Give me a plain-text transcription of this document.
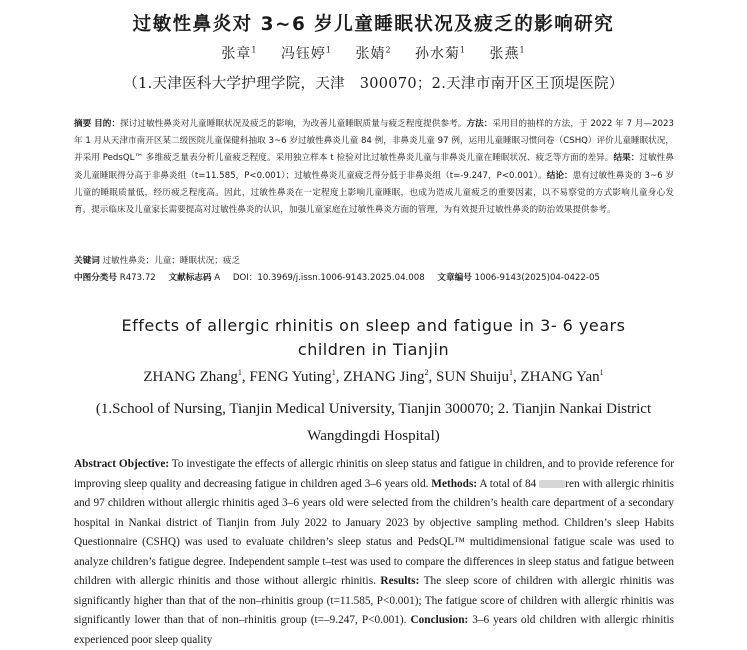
过敏性鼻炎对 3~6 岁儿童睡眠状况及疲乏的影响研究
张章$^1$ 冯钰婷$^1$ 张婧$^2$ 孙水菊$^1$ 张燕$^1$
（1.天津医科大学护理学院，天津　300070；2.天津市南开区王顶堤医院）
摘要 目的：探讨过敏性鼻炎对儿童睡眠状况及疲乏的影响，为改善儿童睡眠质量与疲乏程度提供参考。方法：采用目的抽样的方法，于 2022 年 7 月—2023 年 1 月从天津市南开区某二级医院儿童保健科抽取 3~6 岁过敏性鼻炎儿童 84 例，非鼻炎儿童 97 例，运用儿童睡眠习惯问卷（CSHQ）评价儿童睡眠状况，并采用 PedsQL™ 多维疲乏量表分析儿童疲乏程度。采用独立样本 t 检验对比过敏性鼻炎儿童与非鼻炎儿童在睡眠状况、疲乏等方面的差异。结果：过敏性鼻炎儿童睡眠得分高于非鼻炎组（t=11.585，P<0.001）；过敏性鼻炎儿童疲乏得分低于非鼻炎组（t=-9.247，P<0.001）。结论：患有过敏性鼻炎的 3~6 岁儿童的睡眠质量低，经历疲乏程度高。因此，过敏性鼻炎在一定程度上影响儿童睡眠，也成为造成儿童疲乏的重要因素，以不易察觉的方式影响儿童身心发育，提示临床及儿童家长需要提高对过敏性鼻炎的认识，加强儿童家庭在过敏性鼻炎方面的管理，为有效提升过敏性鼻炎的防治效果提供参考。
关键词 过敏性鼻炎；儿童；睡眠状况；疲乏
中图分类号 R473.72 文献标志码 A DOI：10.3969/j.issn.1006-9143.2025.04.008 文章编号 1006-9143(2025)04-0422-05
Effects of allergic rhinitis on sleep and fatigue in 3- 6 years children in Tianjin
ZHANG Zhang$^1$, FENG Yuting$^1$, ZHANG Jing$^2$, SUN Shuiju$^1$, ZHANG Yan$^1$
(1.School of Nursing, Tianjin Medical University, Tianjin 300070; 2. Tianjin Nankai District Wangdingdi Hospital)
Abstract Objective: To investigate the effects of allergic rhinitis on sleep status and fatigue in children, and to provide reference for improving sleep quality and decreasing fatigue in children aged 3–6 years old. Methods: A total of 84	ren with allergic rhinitis and 97 children without allergic rhinitis aged 3–6 years old were selected from the children’s health care department of a secondary hospital in Nankai district of Tianjin from July 2022 to January 2023 by objective sampling method. Children’s sleep Habits Questionnaire (CSHQ) was used to evaluate children’s sleep status and PedsQL™ multidimensional fatigue scale was used to analyze children’s fatigue degree. Independent sample t–test was used to compare the differences in sleep status and fatigue between children with allergic rhinitis and those without allergic rhinitis. Results: The sleep score of children with allergic rhinitis was significantly higher than that of the non–rhinitis group (t=11.585, P<0.001); The fatigue score of children with allergic rhinitis was significantly lower than that of non–rhinitis group (t=–9.247, P<0.001). Conclusion: 3–6 years old children with allergic rhinitis experienced poor sleep quality
